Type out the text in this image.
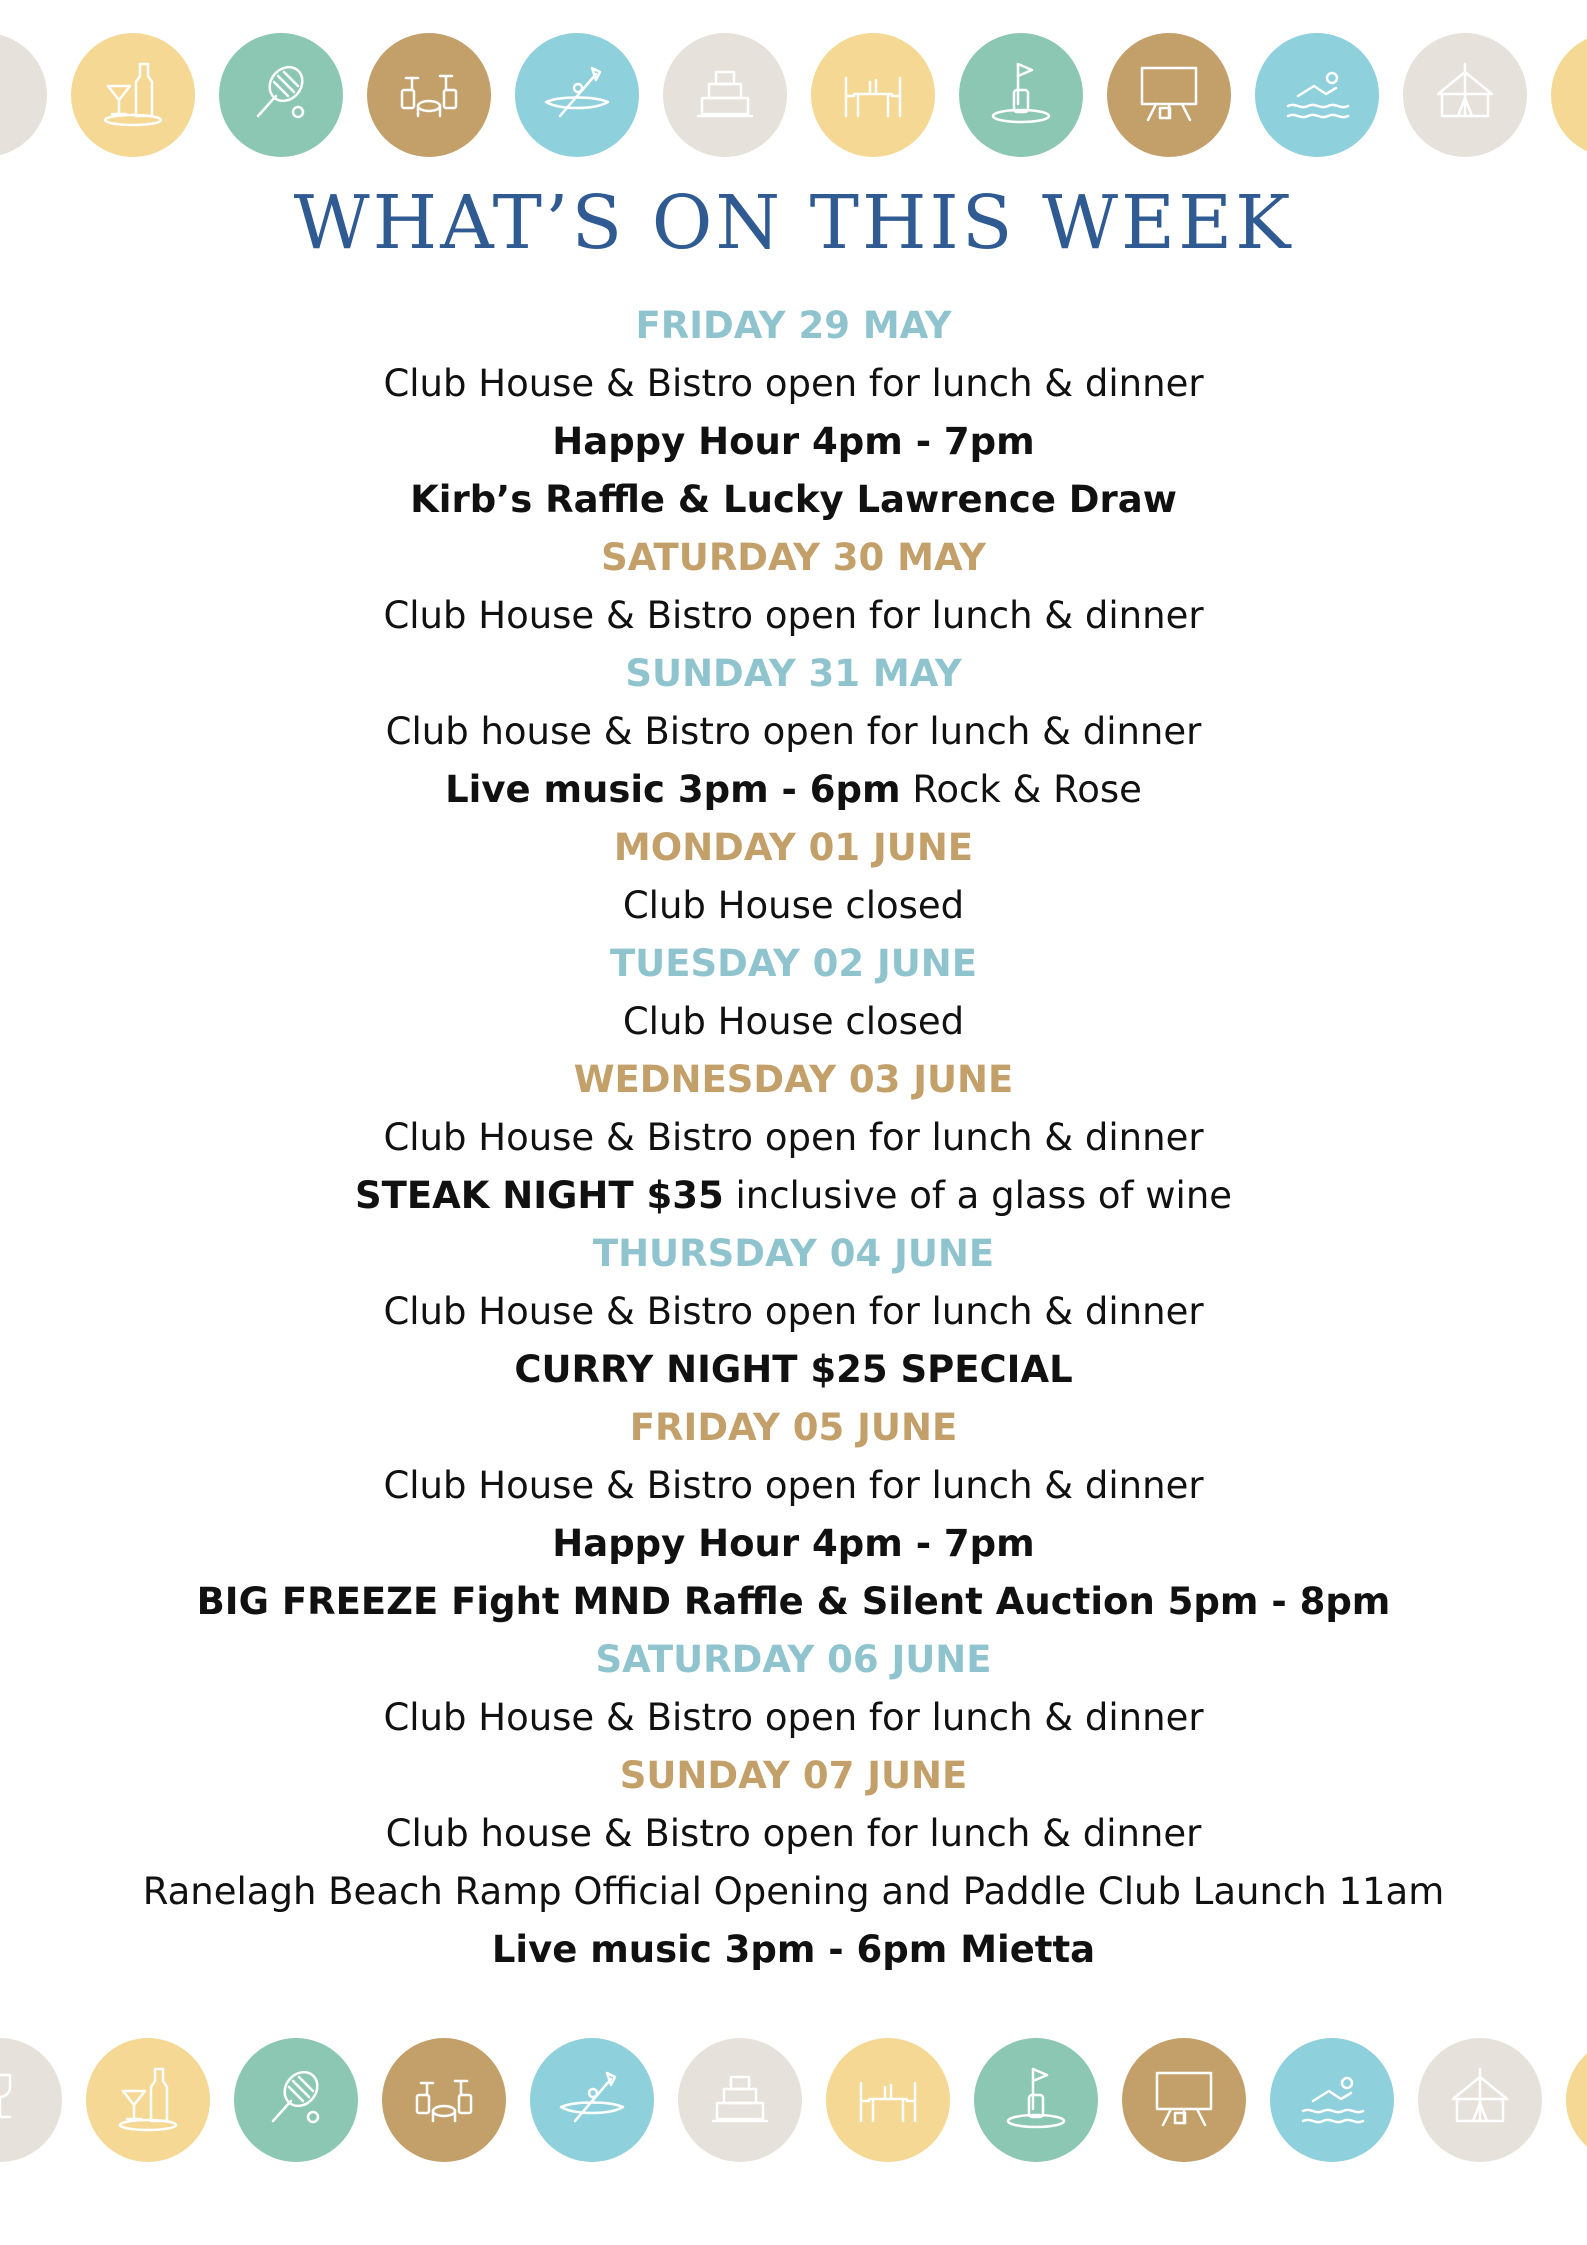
WHAT’S ON THIS WEEK
FRIDAY 29 MAY
Club House & Bistro open for lunch & dinner
Happy Hour 4pm - 7pm
Kirb’s Raffle & Lucky Lawrence Draw
SATURDAY 30 MAY
Club House & Bistro open for lunch & dinner
SUNDAY 31 MAY
Club house & Bistro open for lunch & dinner
Live music 3pm - 6pm Rock & Rose
MONDAY 01 JUNE
Club House closed
TUESDAY 02 JUNE
Club House closed
WEDNESDAY 03 JUNE
Club House & Bistro open for lunch & dinner
STEAK NIGHT $35 inclusive of a glass of wine
THURSDAY 04 JUNE
Club House & Bistro open for lunch & dinner
CURRY NIGHT $25 SPECIAL
FRIDAY 05 JUNE
Club House & Bistro open for lunch & dinner
Happy Hour 4pm - 7pm
BIG FREEZE Fight MND Raffle & Silent Auction 5pm - 8pm
SATURDAY 06 JUNE
Club House & Bistro open for lunch & dinner
SUNDAY 07 JUNE
Club house & Bistro open for lunch & dinner
Ranelagh Beach Ramp Official Opening and Paddle Club Launch 11am
Live music 3pm - 6pm Mietta
